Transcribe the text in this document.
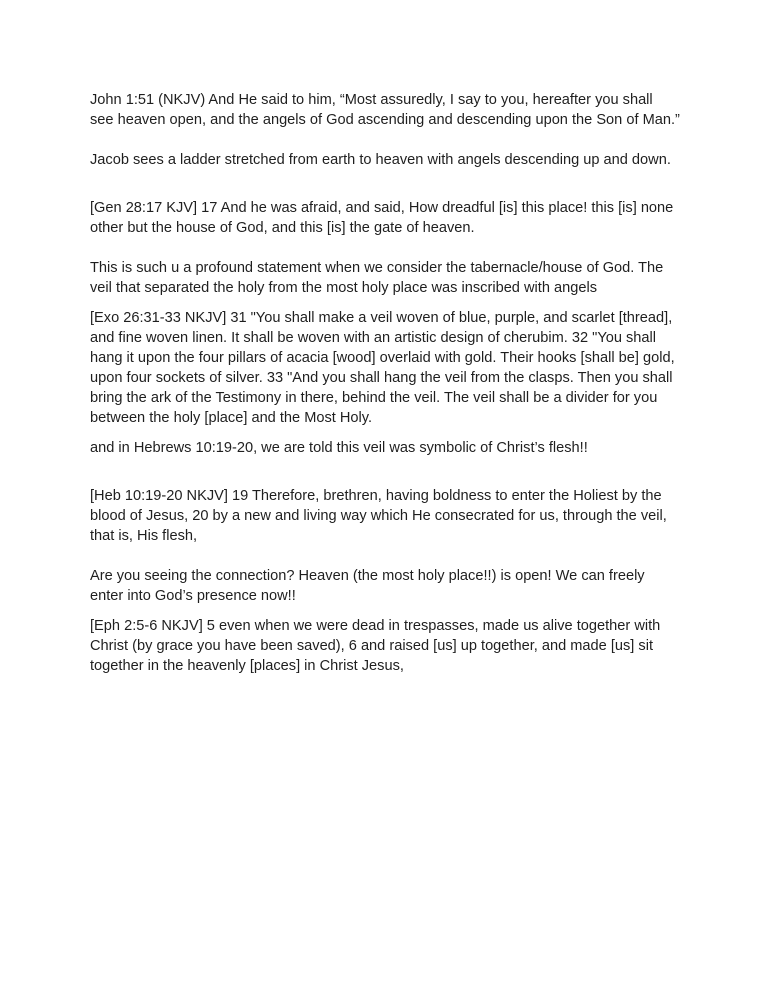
John 1:51 (NKJV) And He said to him, “Most assuredly, I say to you, hereafter you shall see heaven open, and the angels of God ascending and descending upon the Son of Man.”

Jacob sees a ladder stretched from earth to heaven with angels descending up and down.

[Gen 28:17 KJV] 17 And he was afraid, and said, How dreadful [is] this place! this [is] none other but the house of God, and this [is] the gate of heaven.

This is such u a profound statement when we consider the tabernacle/house of God. The veil that separated the holy from the most holy place was inscribed with angels

[Exo 26:31-33 NKJV] 31 "You shall make a veil woven of blue, purple, and scarlet [thread], and fine woven linen. It shall be woven with an artistic design of cherubim. 32 "You shall hang it upon the four pillars of acacia [wood] overlaid with gold. Their hooks [shall be] gold, upon four sockets of silver. 33 "And you shall hang the veil from the clasps. Then you shall bring the ark of the Testimony in there, behind the veil. The veil shall be a divider for you between the holy [place] and the Most Holy.

and in Hebrews 10:19-20, we are told this veil was symbolic of Christ’s flesh!!

[Heb 10:19-20 NKJV] 19 Therefore, brethren, having boldness to enter the Holiest by the blood of Jesus, 20 by a new and living way which He consecrated for us, through the veil, that is, His flesh,

Are you seeing the connection? Heaven (the most holy place!!) is open! We can freely enter into God’s presence now!!

[Eph 2:5-6 NKJV] 5 even when we were dead in trespasses, made us alive together with Christ (by grace you have been saved), 6 and raised [us] up together, and made [us] sit together in the heavenly [places] in Christ Jesus,
